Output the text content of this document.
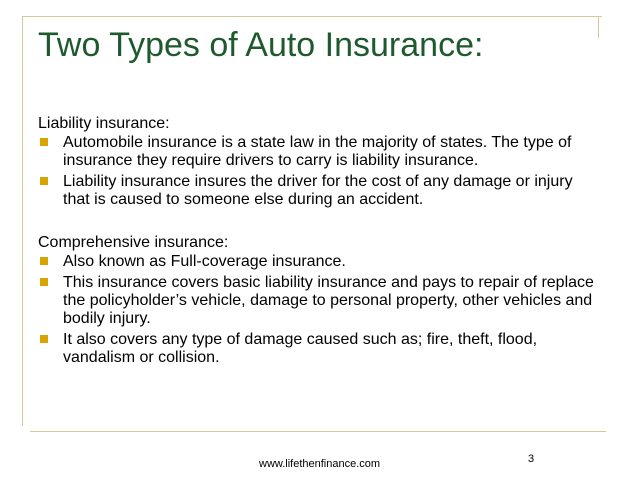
Two Types of Auto Insurance:

Liability insurance:

Automobile insurance is a state law in the majority of states. The type of insurance they require drivers to carry is liability insurance.
Liability insurance insures the driver for the cost of any damage or injury that is caused to someone else during an accident.

Comprehensive insurance:

Also known as Full-coverage insurance.
This insurance covers basic liability insurance and pays to repair of replace the policyholder’s vehicle, damage to personal property, other vehicles and bodily injury.
It also covers any type of damage caused such as; fire, theft, flood, vandalism or collision.
www.lifethenfinance.com	3
